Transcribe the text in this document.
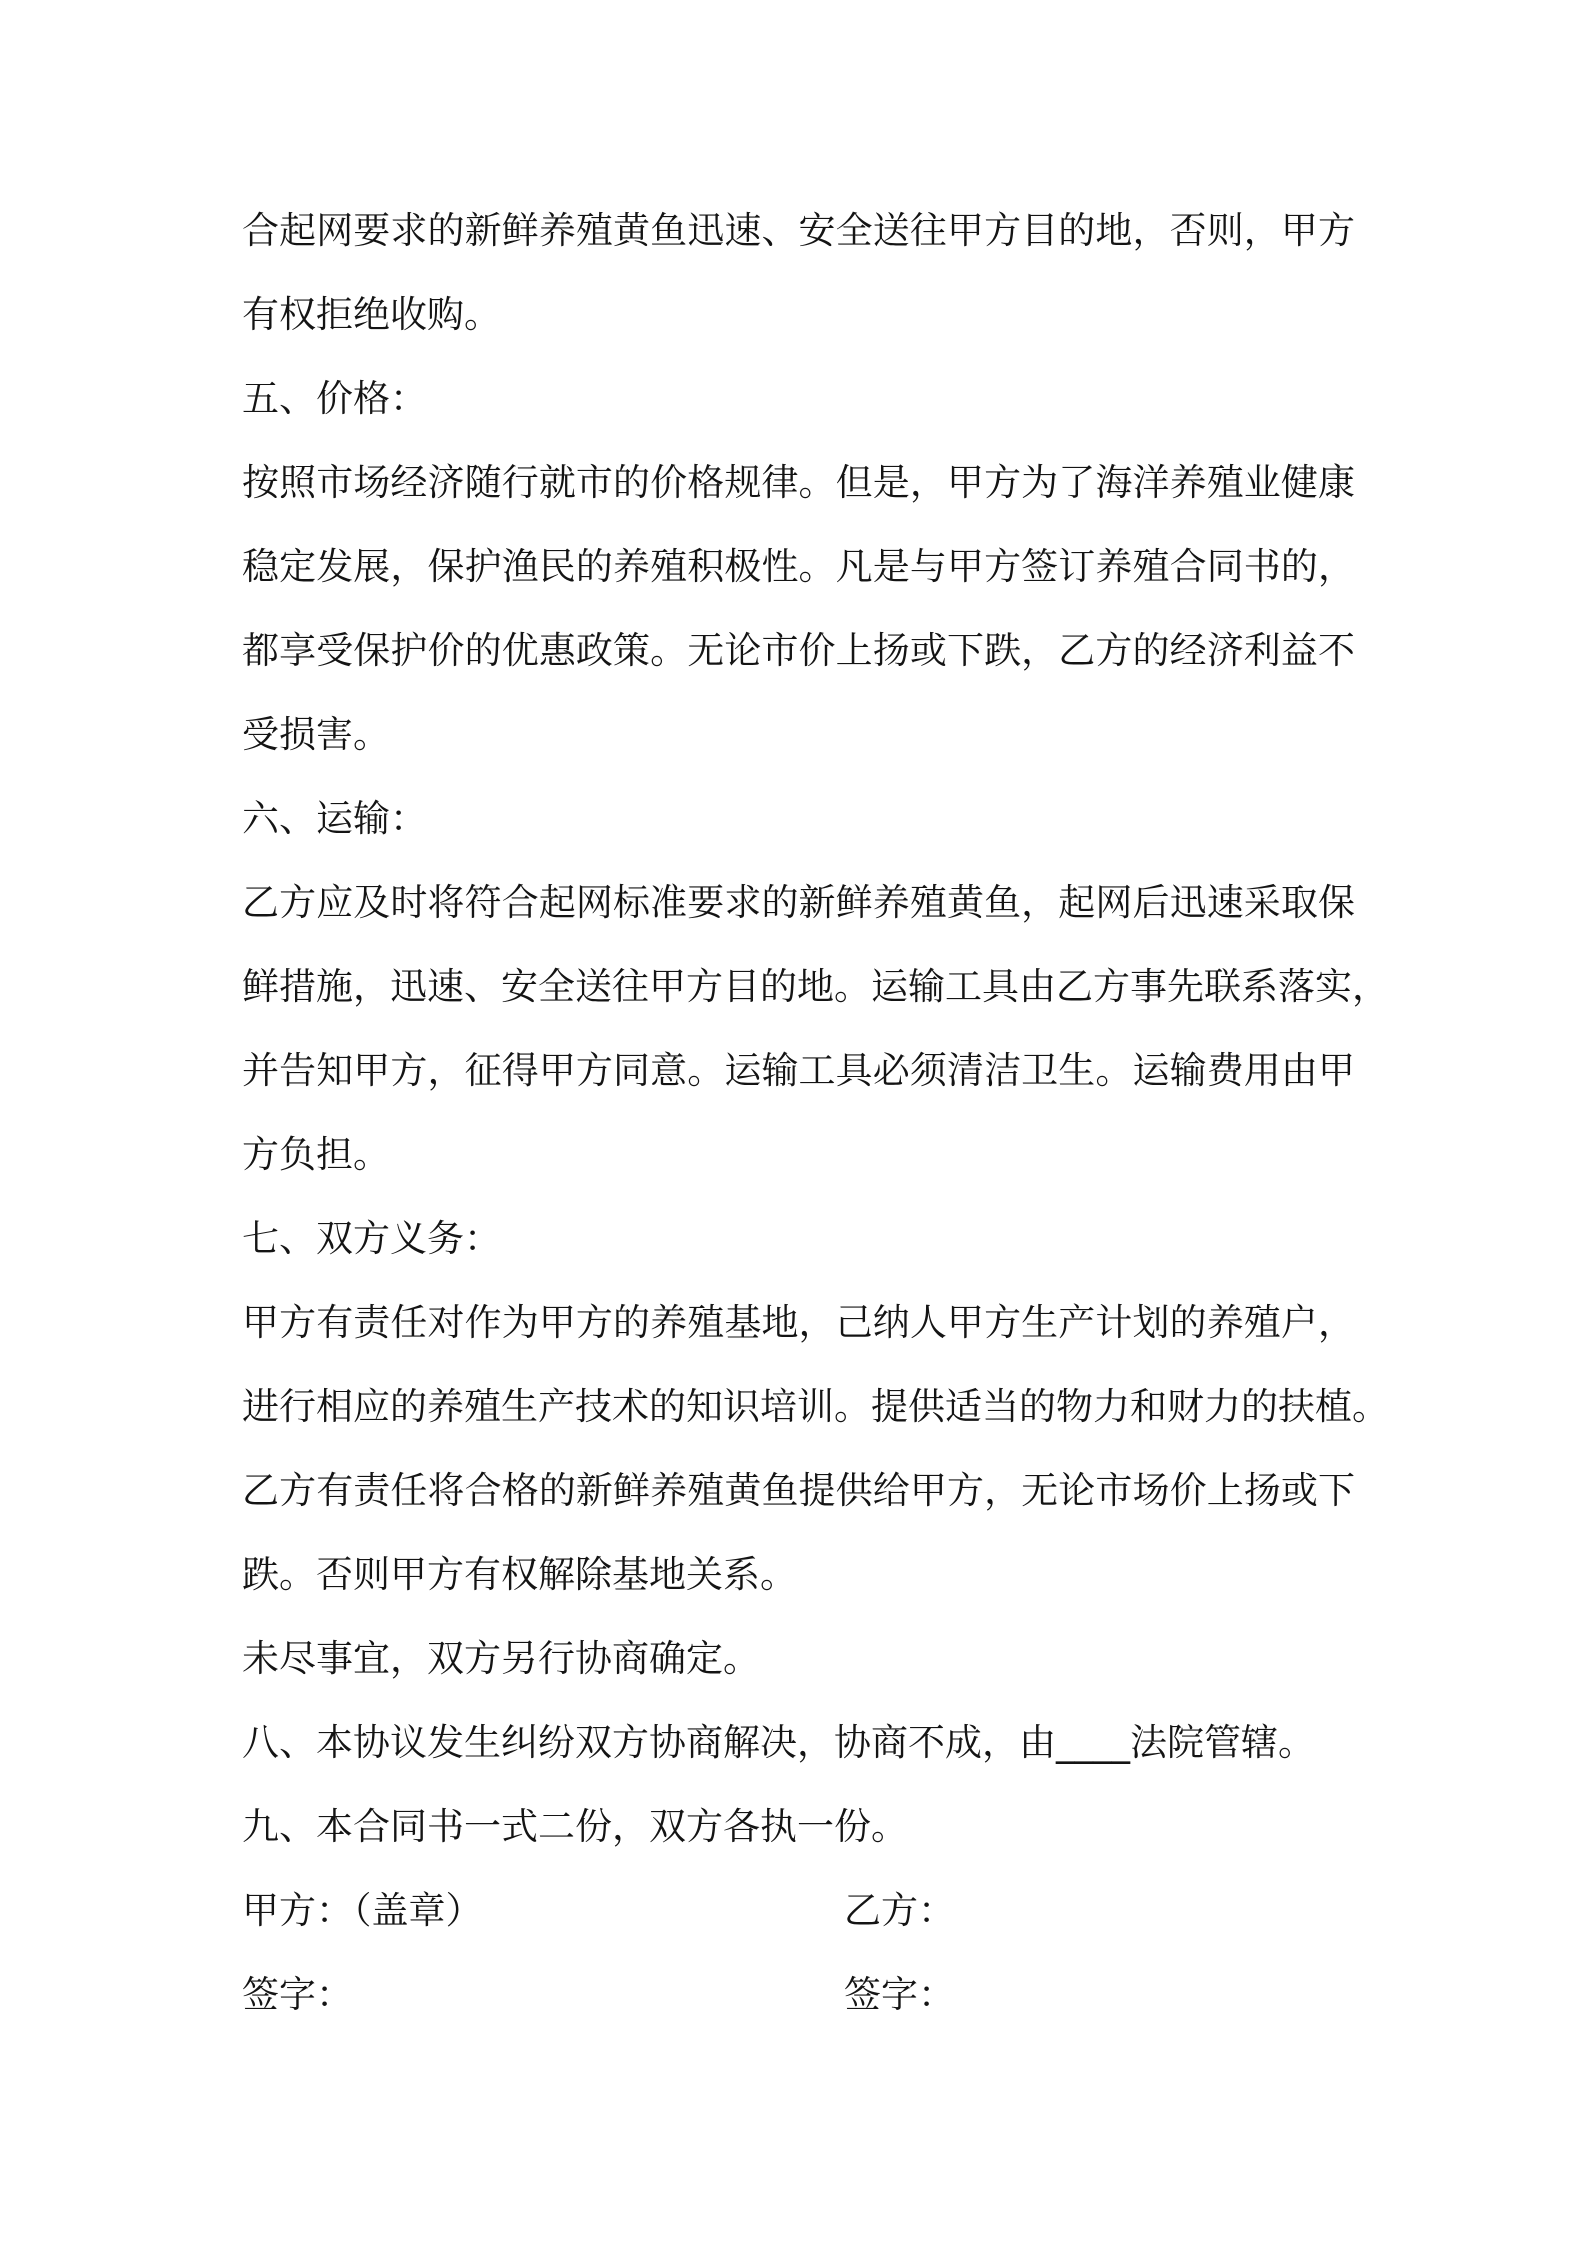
合起网要求的新鲜养殖黄鱼迅速、安全送往甲方目的地，否则，甲方
有权拒绝收购。
五、价格：
按照市场经济随行就市的价格规律。但是，甲方为了海洋养殖业健康
稳定发展，保护渔民的养殖积极性。凡是与甲方签订养殖合同书的，
都享受保护价的优惠政策。无论市价上扬或下跌，乙方的经济利益不
受损害。
六、运输：
乙方应及时将符合起网标准要求的新鲜养殖黄鱼，起网后迅速采取保
鲜措施，迅速、安全送往甲方目的地。运输工具由乙方事先联系落实，
并告知甲方，征得甲方同意。运输工具必须清洁卫生。运输费用由甲
方负担。
七、双方义务：
甲方有责任对作为甲方的养殖基地，己纳人甲方生产计划的养殖户，
进行相应的养殖生产技术的知识培训。提供适当的物力和财力的扶植。
乙方有责任将合格的新鲜养殖黄鱼提供给甲方，无论市场价上扬或下
跌。否则甲方有权解除基地关系。
未尽事宜，双方另行协商确定。
八、本协议发生纠纷双方协商解决，协商不成，由____法院管辖。
九、本合同书一式二份，双方各执一份。
甲方：（盖章）	乙方：
签字：	签字：
